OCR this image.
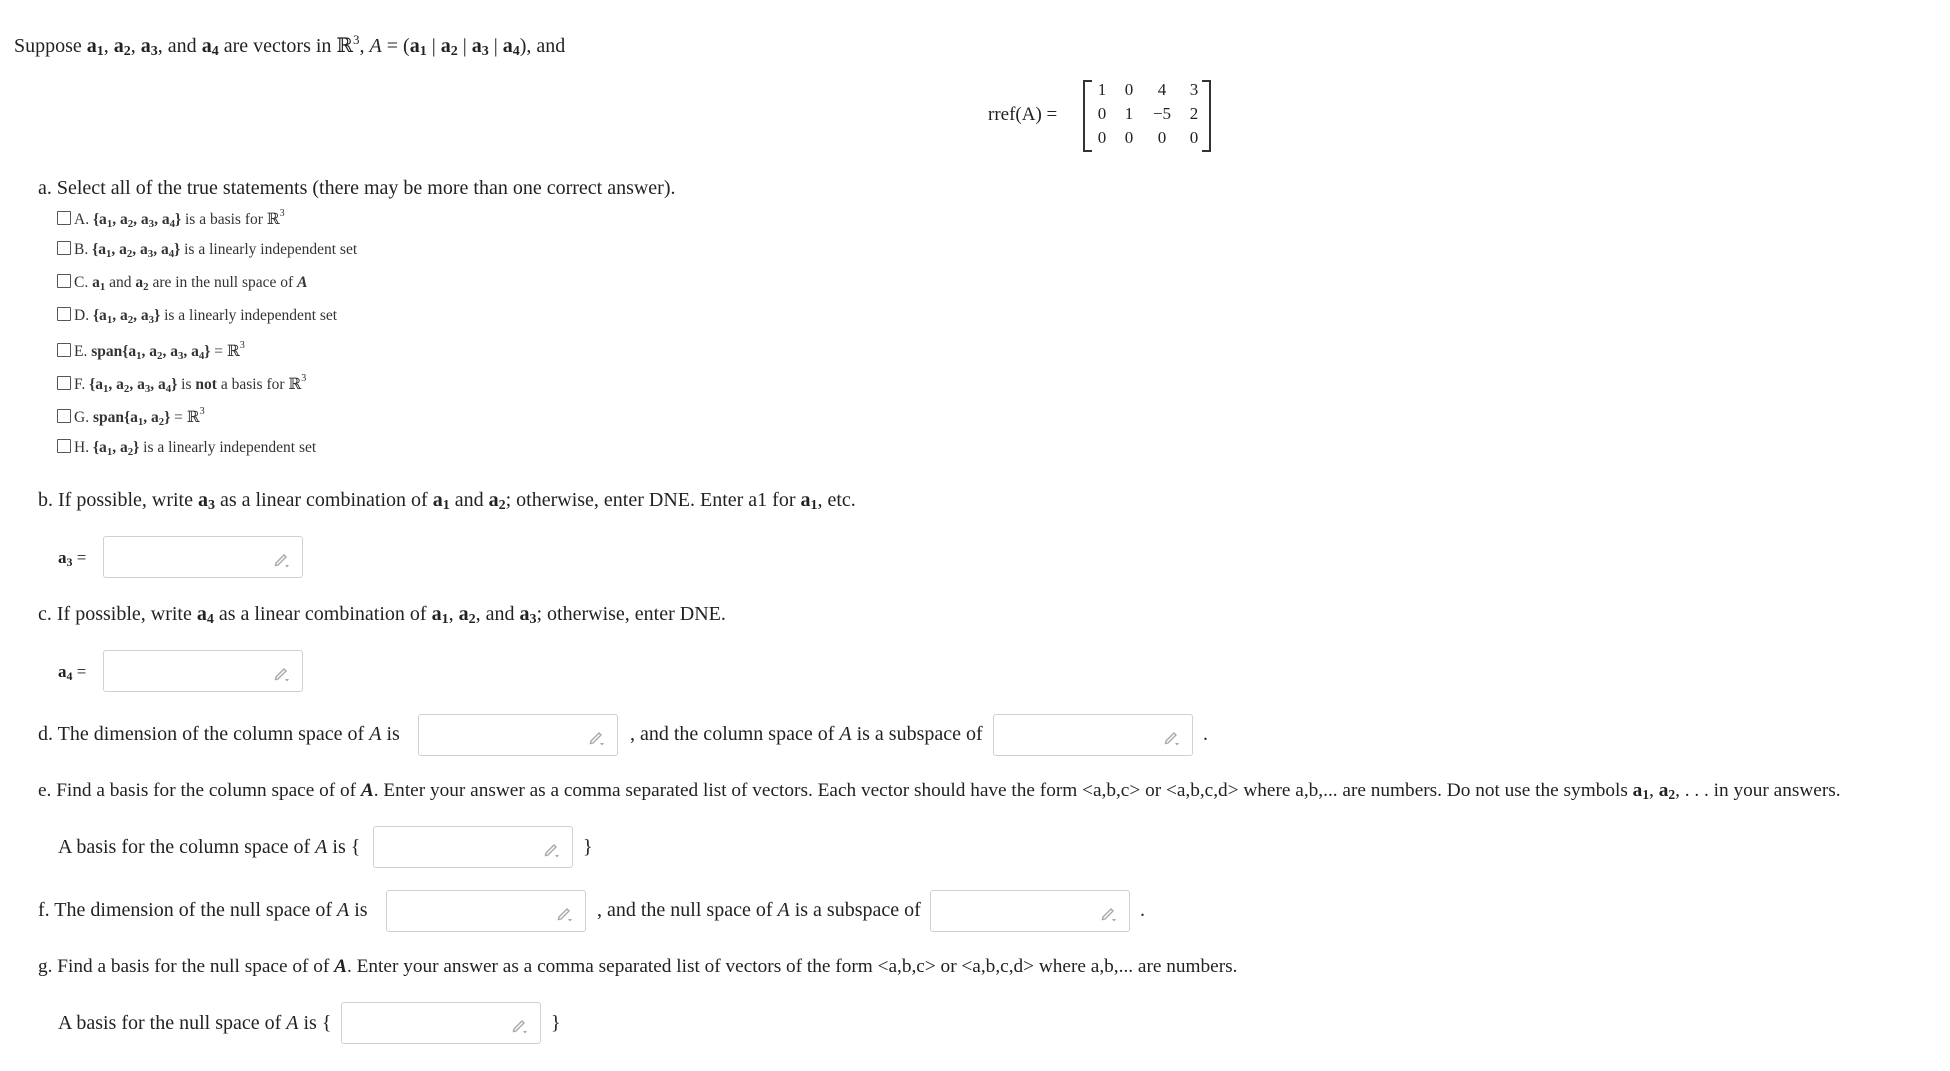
Suppose $a_1$, $a_2$, $a_3$, and $a_4$ are vectors in ℝ$^3$, $A = (a_1$ | $a_2$ | $a_3$ | $a_4$), and
rref(A) =
1	0	4	3
0	1	−5	2
0	0	0	0
a. Select all of the true statements (there may be more than one correct answer).
A. {$a_1$, $a_2$, $a_3$, $a_4$} is a basis for ℝ$^3$
B. {$a_1$, $a_2$, $a_3$, $a_4$} is a linearly independent set
C. $a_1$ and $a_2$ are in the null space of A
D. {$a_1$, $a_2$, $a_3$} is a linearly independent set
E. $span\{a_1$, $a_2$, $a_3$, $a_4$} = ℝ$^3$
F. {$a_1$, $a_2$, $a_3$, $a_4$} is not a basis for ℝ$^3$
G. $span\{a_1$, $a_2$} = ℝ$^3$
H. {$a_1$, $a_2$} is a linearly independent set
b. If possible, write $a_3$ as a linear combination of $a_1$ and $a_2$; otherwise, enter DNE. Enter a1 for $a_1$, etc.
$a_3$ =
c. If possible, write $a_4$ as a linear combination of $a_1$, $a_2$, and $a_3$; otherwise, enter DNE.
$a_4$ =
d. The dimension of the column space of A is	, and the column space of A is a subspace of	.
e. Find a basis for the column space of of A. Enter your answer as a comma separated list of vectors. Each vector should have the form <a,b,c> or <a,b,c,d> where a,b,... are numbers. Do not use the symbols $a_1$, $a_2$, . . . in your answers.
A basis for the column space of A is {	}
f. The dimension of the null space of A is	, and the null space of A is a subspace of	.
g. Find a basis for the null space of of A. Enter your answer as a comma separated list of vectors of the form <a,b,c> or <a,b,c,d> where a,b,... are numbers.
A basis for the null space of A is {	}
